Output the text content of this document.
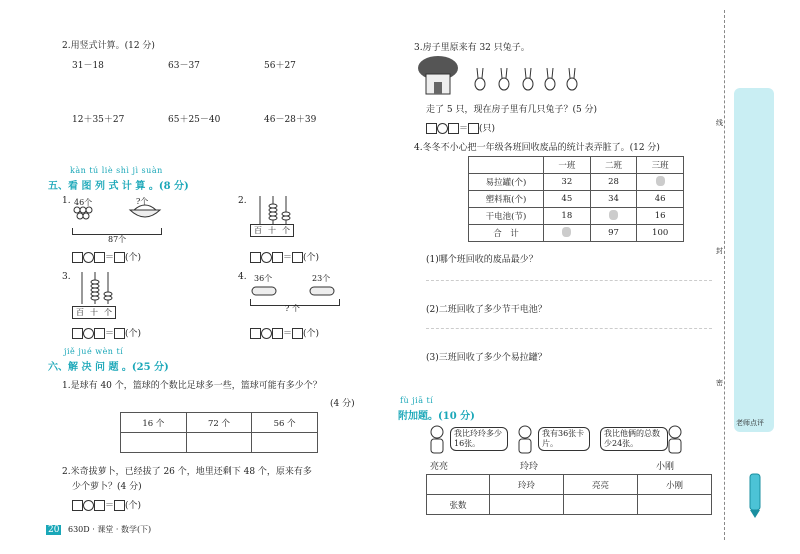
2.用竖式计算。(12 分)
31－18	63－37	56＋27
12＋35＋27	65＋25－40	46－28＋39
kàn tú liè shì jì suàn
五、看 图 列 式 计 算 。(8 分)
1. 46个	?个
87个
＝ (个)
2.
百 十 个
＝ (个)
3.
百 十 个
＝ (个)
4. 36个	23个
? 个
＝ (个)
jiě jué wèn tí
六、解 决 问 题 。(25 分)
1.是球有 40 个，篮球的个数比足球多一些，篮球可能有多少个？
(4 分)
16 个	72 个	56 个

2.米奇拔萝卜，已经拔了 26 个，地里还剩下 48 个，原来有多
少个萝卜？(4 分)
＝ (个)
20 630D · 课堂 · 数学(下)
3.房子里原来有 32 只兔子。
走了 5 只，现在房子里有几只兔子？(5 分)
＝ (只)
4.冬冬不小心把一年级各班回收废品的统计表弄脏了。(12 分)
	一班	二班	三班
易拉罐(个)	32	28	
塑料瓶(个)	45	34	46
干电池(节)	18		16
合　计		97	100
(1)哪个班回收的废品最少？
(2)二班回收了多少节干电池？
(3)三班回收了多少个易拉罐？
fù jiā tí
附加题。(10 分)
我比玲玲多少16张。
我有36张卡片。
我比他俩的总数少24张。
亮亮	玲玲	小刚
	玲玲	亮亮	小刚
张数			
线
封
密
老师点评
